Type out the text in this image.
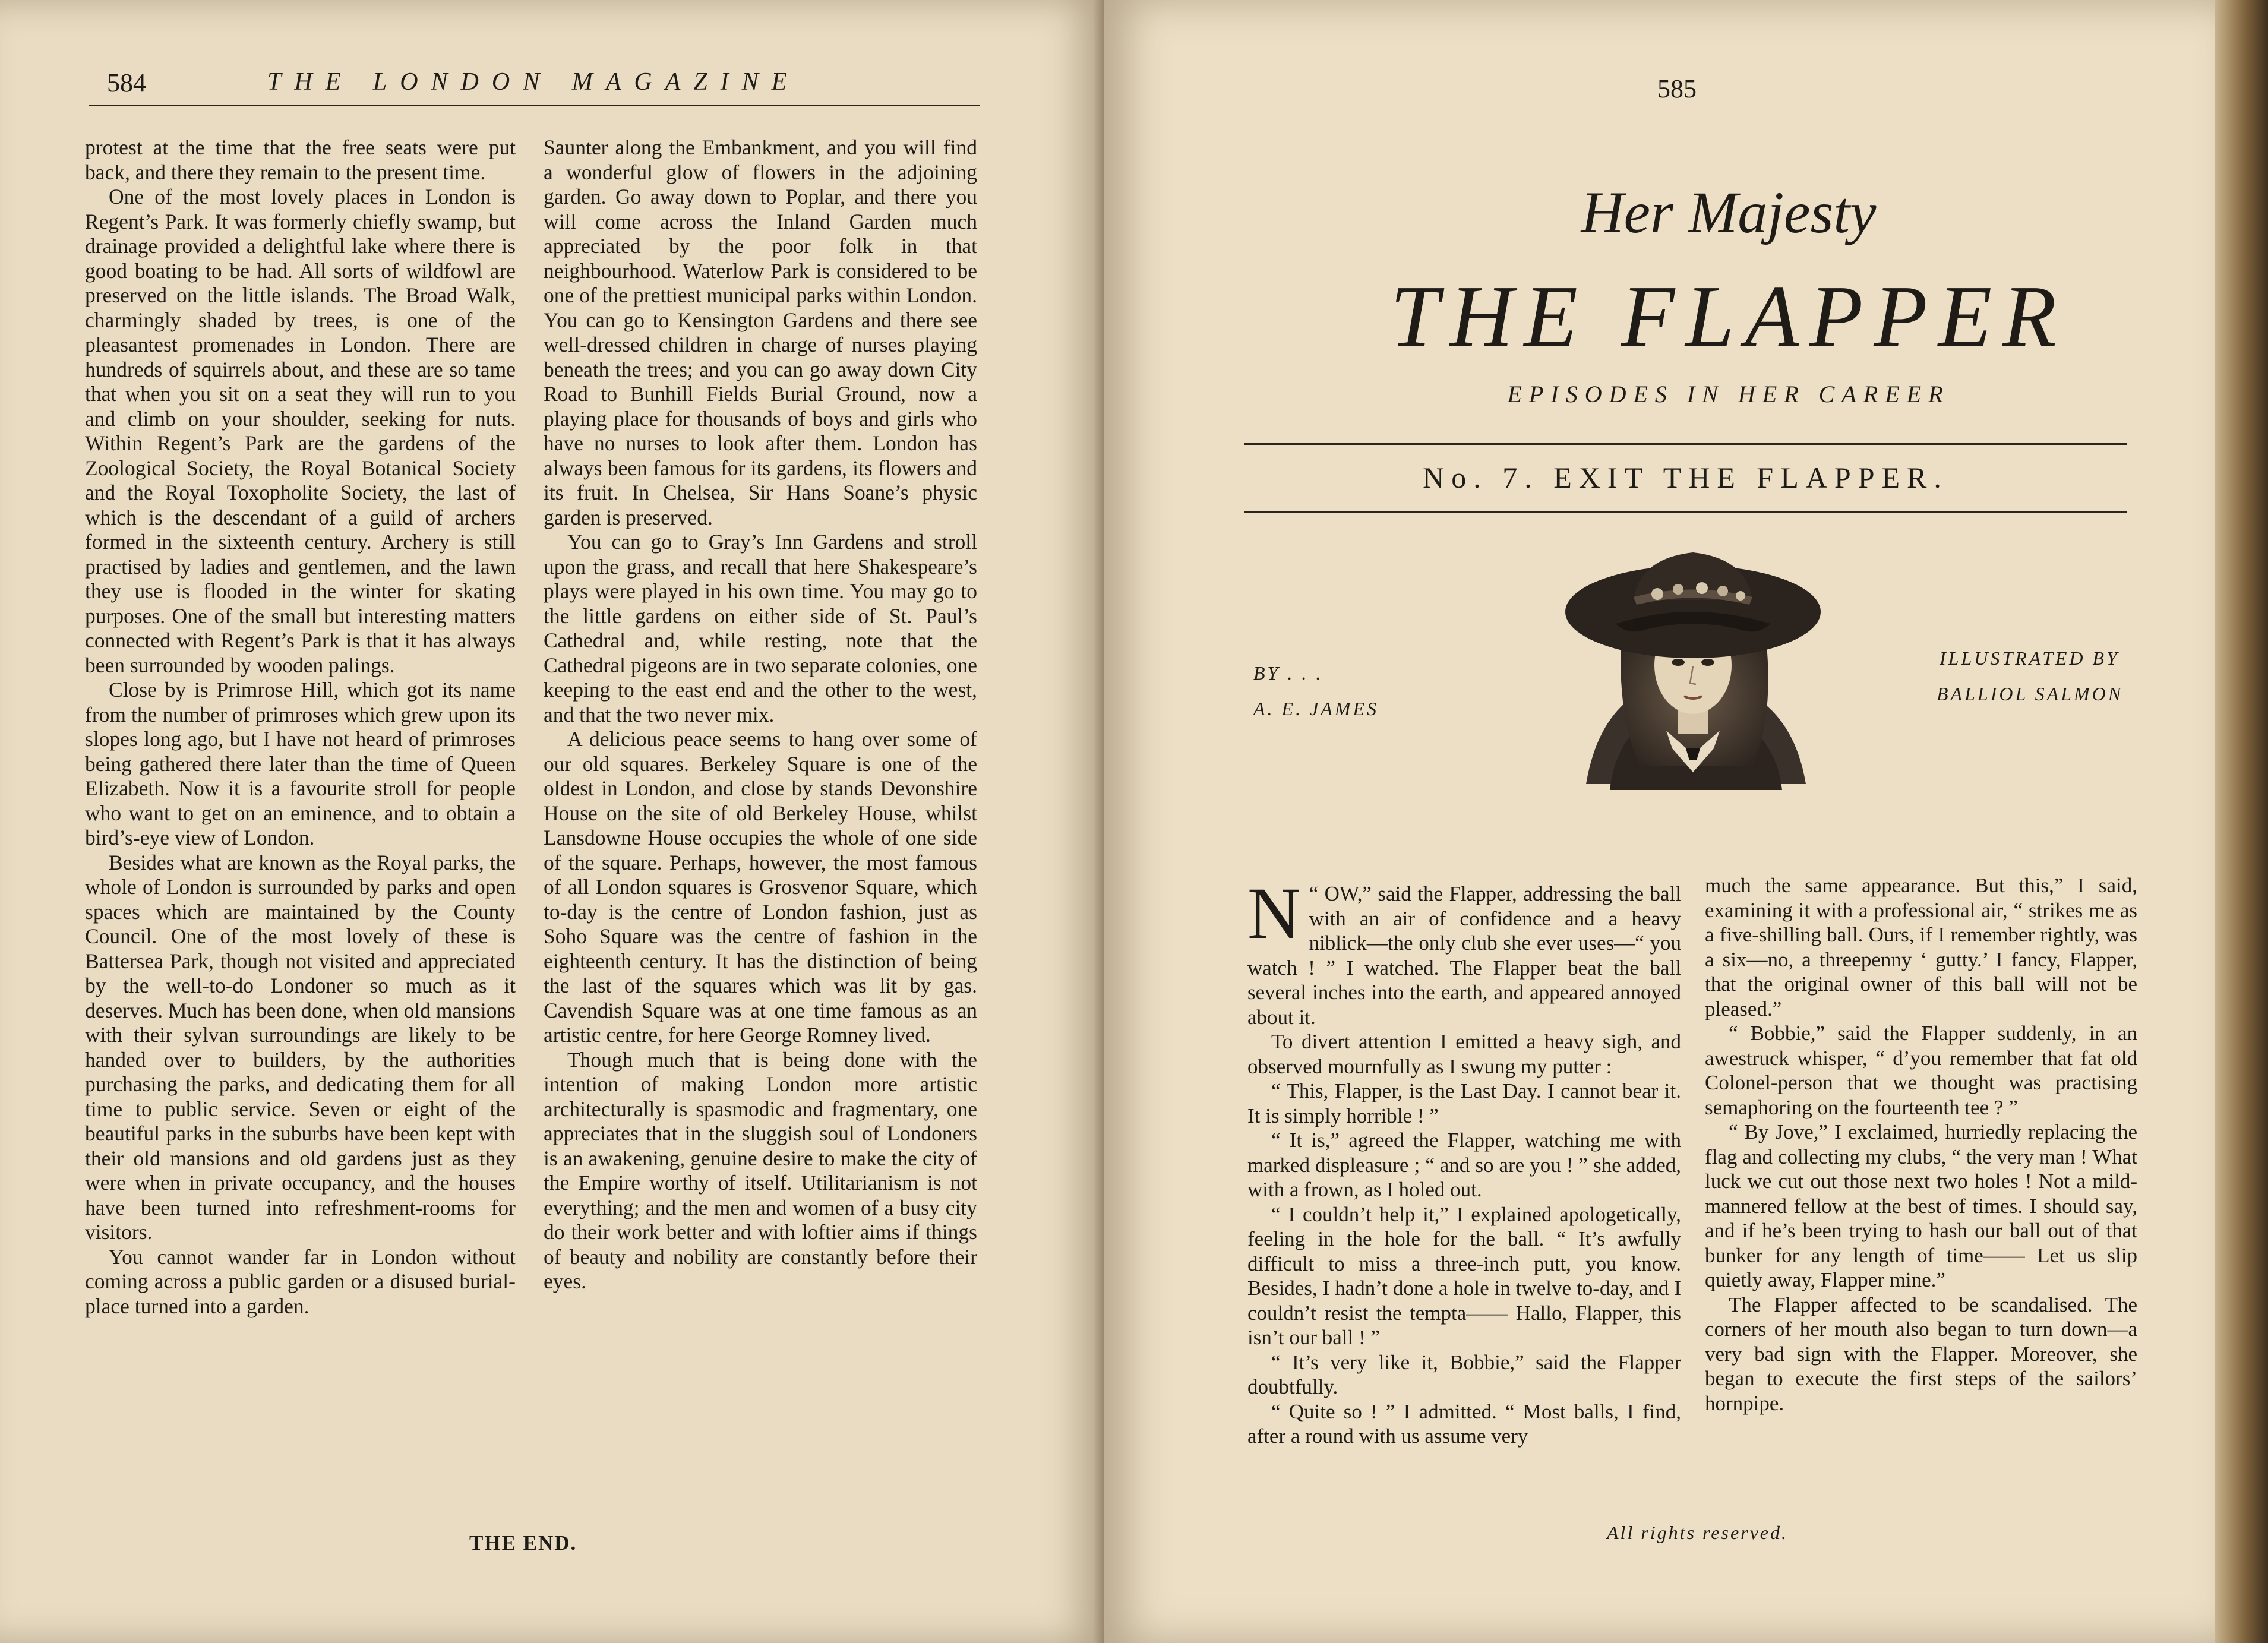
584	THE LONDON MAGAZINE

protest at the time that the free seats were put back, and there they remain to the present time.

One of the most lovely places in London is Regent’s Park. It was formerly chiefly swamp, but drainage provided a delightful lake where there is good boating to be had. All sorts of wildfowl are preserved on the little islands. The Broad Walk, charmingly shaded by trees, is one of the pleasantest promenades in London. There are hundreds of squirrels about, and these are so tame that when you sit on a seat they will run to you and climb on your shoulder, seeking for nuts. Within Regent’s Park are the gardens of the Zoological Society, the Royal Botanical Society and the Royal Toxopholite Society, the last of which is the descendant of a guild of archers formed in the sixteenth century. Archery is still practised by ladies and gentlemen, and the lawn they use is flooded in the winter for skating purposes. One of the small but interesting matters connected with Regent’s Park is that it has always been surrounded by wooden palings.

Close by is Primrose Hill, which got its name from the number of primroses which grew upon its slopes long ago, but I have not heard of primroses being gathered there later than the time of Queen Elizabeth. Now it is a favourite stroll for people who want to get on an eminence, and to obtain a bird’s-eye view of London.

Besides what are known as the Royal parks, the whole of London is surrounded by parks and open spaces which are maintained by the County Council. One of the most lovely of these is Battersea Park, though not visited and appreciated by the well-to-do Londoner so much as it deserves. Much has been done, when old mansions with their sylvan surroundings are likely to be handed over to builders, by the authorities purchasing the parks, and dedicating them for all time to public service. Seven or eight of the beautiful parks in the suburbs have been kept with their old mansions and old gardens just as they were when in private occupancy, and the houses have been turned into refreshment-rooms for visitors.

You cannot wander far in London without coming across a public garden or a disused burial-place turned into a garden.

Saunter along the Embankment, and you will find a wonderful glow of flowers in the adjoining garden. Go away down to Poplar, and there you will come across the Inland Garden much appreciated by the poor folk in that neighbourhood. Waterlow Park is considered to be one of the prettiest municipal parks within London. You can go to Kensington Gardens and there see well-dressed children in charge of nurses playing beneath the trees; and you can go away down City Road to Bunhill Fields Burial Ground, now a playing place for thousands of boys and girls who have no nurses to look after them. London has always been famous for its gardens, its flowers and its fruit. In Chelsea, Sir Hans Soane’s physic garden is preserved.

You can go to Gray’s Inn Gardens and stroll upon the grass, and recall that here Shakespeare’s plays were played in his own time. You may go to the little gardens on either side of St. Paul’s Cathedral and, while resting, note that the Cathedral pigeons are in two separate colonies, one keeping to the east end and the other to the west, and that the two never mix.

A delicious peace seems to hang over some of our old squares. Berkeley Square is one of the oldest in London, and close by stands Devonshire House on the site of old Berkeley House, whilst Lansdowne House occupies the whole of one side of the square. Perhaps, however, the most famous of all London squares is Grosvenor Square, which to-day is the centre of London fashion, just as Soho Square was the centre of fashion in the eighteenth century. It has the distinction of being the last of the squares which was lit by gas. Cavendish Square was at one time famous as an artistic centre, for here George Romney lived.

Though much that is being done with the intention of making London more artistic architecturally is spasmodic and fragmentary, one appreciates that in the sluggish soul of Londoners is an awakening, genuine desire to make the city of the Empire worthy of itself. Utilitarianism is not everything; and the men and women of a busy city do their work better and with loftier aims if things of beauty and nobility are constantly before their eyes.

THE END.
585
Her Majesty
THE FLAPPER
EPISODES IN HER CAREER
No. 7. EXIT THE FLAPPER.
BY . . .
A. E. JAMES
ILLUSTRATED BY
BALLIOL SALMON

“
N OW,” said the Flapper, addressing the ball with an air of confidence and a heavy niblick—the only club she ever uses—“ you watch ! ” I watched. The Flapper beat the ball several inches into the earth, and appeared annoyed about it.

To divert attention I emitted a heavy sigh, and observed mournfully as I swung my putter :

“ This, Flapper, is the Last Day. I cannot bear it. It is simply horrible ! ”

“ It is,” agreed the Flapper, watching me with marked displeasure ; “ and so are you ! ” she added, with a frown, as I holed out.

“ I couldn’t help it,” I explained apologetically, feeling in the hole for the ball. “ It’s awfully difficult to miss a three-inch putt, you know. Besides, I hadn’t done a hole in twelve to-day, and I couldn’t resist the tempta—— Hallo, Flapper, this isn’t our ball ! ”

“ It’s very like it, Bobbie,” said the Flapper doubtfully.

“ Quite so ! ” I admitted. “ Most balls, I find, after a round with us assume very

much the same appearance. But this,” I said, examining it with a professional air, “ strikes me as a five-shilling ball. Ours, if I remember rightly, was a six—no, a threepenny ‘ gutty.’ I fancy, Flapper, that the original owner of this ball will not be pleased.”

“ Bobbie,” said the Flapper suddenly, in an awestruck whisper, “ d’you remember that fat old Colonel-person that we thought was practising semaphoring on the fourteenth tee ? ”

“ By Jove,” I exclaimed, hurriedly replacing the flag and collecting my clubs, “ the very man ! What luck we cut out those next two holes ! Not a mild-mannered fellow at the best of times. I should say, and if he’s been trying to hash our ball out of that bunker for any length of time—— Let us slip quietly away, Flapper mine.”

The Flapper affected to be scandalised. The corners of her mouth also began to turn down—a very bad sign with the Flapper. Moreover, she began to execute the first steps of the sailors’ hornpipe.

All rights reserved.
